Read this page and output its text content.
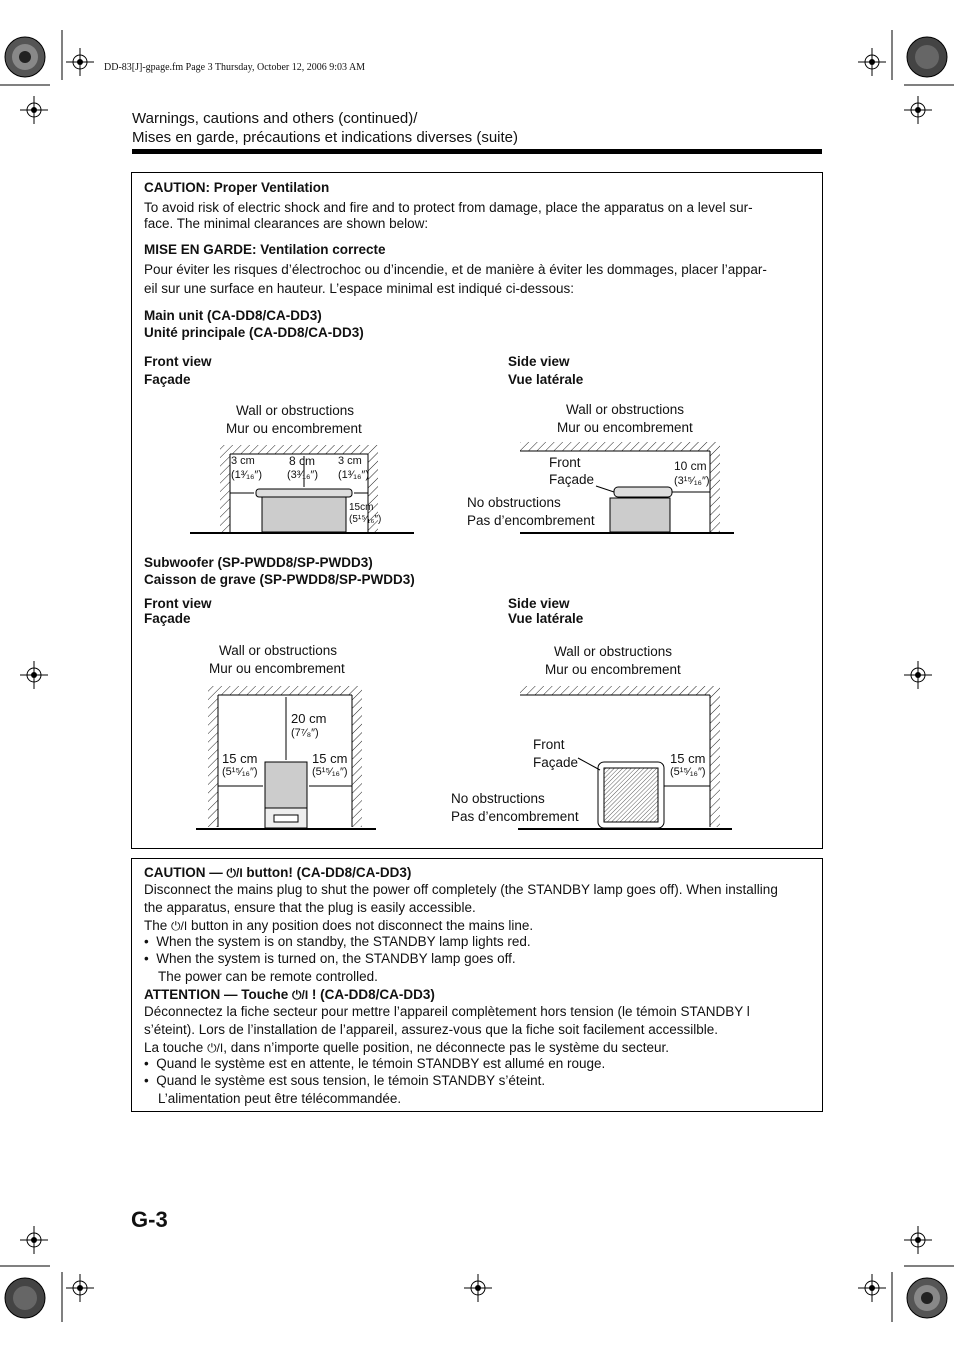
DD-83[J]-gpage.fm Page 3 Thursday, October 12, 2006 9:03 AM
Warnings, cautions and others (continued)/
Mises en garde, précautions et indications diverses (suite)
CAUTION: Proper Ventilation
To avoid risk of electric shock and fire and to protect from damage, place the apparatus on a level sur-
face. The minimal clearances are shown below:
MISE EN GARDE: Ventilation correcte
Pour éviter les risques d’électrochoc ou d’incendie, et de manière à éviter les dommages, placer l’appar-
eil sur une surface en hauteur. L’espace minimal est indiqué ci-dessous:
Main unit (CA-DD8/CA-DD3)
Unité principale (CA-DD8/CA-DD3)
Front view
Façade
Side view
Vue latérale
Wall or obstructions
Mur ou encombrement
3 cm
(1³⁄₁₆″)
8 cm
(3³⁄₁₆″)
3 cm
(1³⁄₁₆″)
15cm
(5¹⁵⁄₁₆″)
Wall or obstructions
Mur ou encombrement
Front
Façade
10 cm
(3¹⁵⁄₁₆″)
No obstructions
Pas d’encombrement
Subwoofer (SP-PWDD8/SP-PWDD3)
Caisson de grave (SP-PWDD8/SP-PWDD3)
Front view
Façade
Side view
Vue latérale
Wall or obstructions
Mur ou encombrement
20 cm
(7⁷⁄₈″)
15 cm
(5¹⁵⁄₁₆″)
15 cm
(5¹⁵⁄₁₆″)
Wall or obstructions
Mur ou encombrement
Front
Façade	15 cm
(5¹⁵⁄₁₆″)
No obstructions
Pas d’encombrement
CAUTION — ⏻/I button! (CA-DD8/CA-DD3)
Disconnect the mains plug to shut the power off completely (the STANDBY lamp goes off). When installing
the apparatus, ensure that the plug is easily accessible.
The ⏻/I button in any position does not disconnect the mains line.
• When the system is on standby, the STANDBY lamp lights red.
• When the system is turned on, the STANDBY lamp goes off.
The power can be remote controlled.
ATTENTION — Touche ⏻/I ! (CA-DD8/CA-DD3)
Déconnectez la fiche secteur pour mettre l’appareil complètement hors tension (le témoin STANDBY l
s’éteint). Lors de l’installation de l’appareil, assurez-vous que la fiche soit facilement accessilble.
La touche ⏻/I, dans n’importe quelle position, ne déconnecte pas le système du secteur.
• Quand le système est en attente, le témoin STANDBY est allumé en rouge.
• Quand le système est sous tension, le témoin STANDBY s’éteint.
L’alimentation peut être télécommandée.
G-3
